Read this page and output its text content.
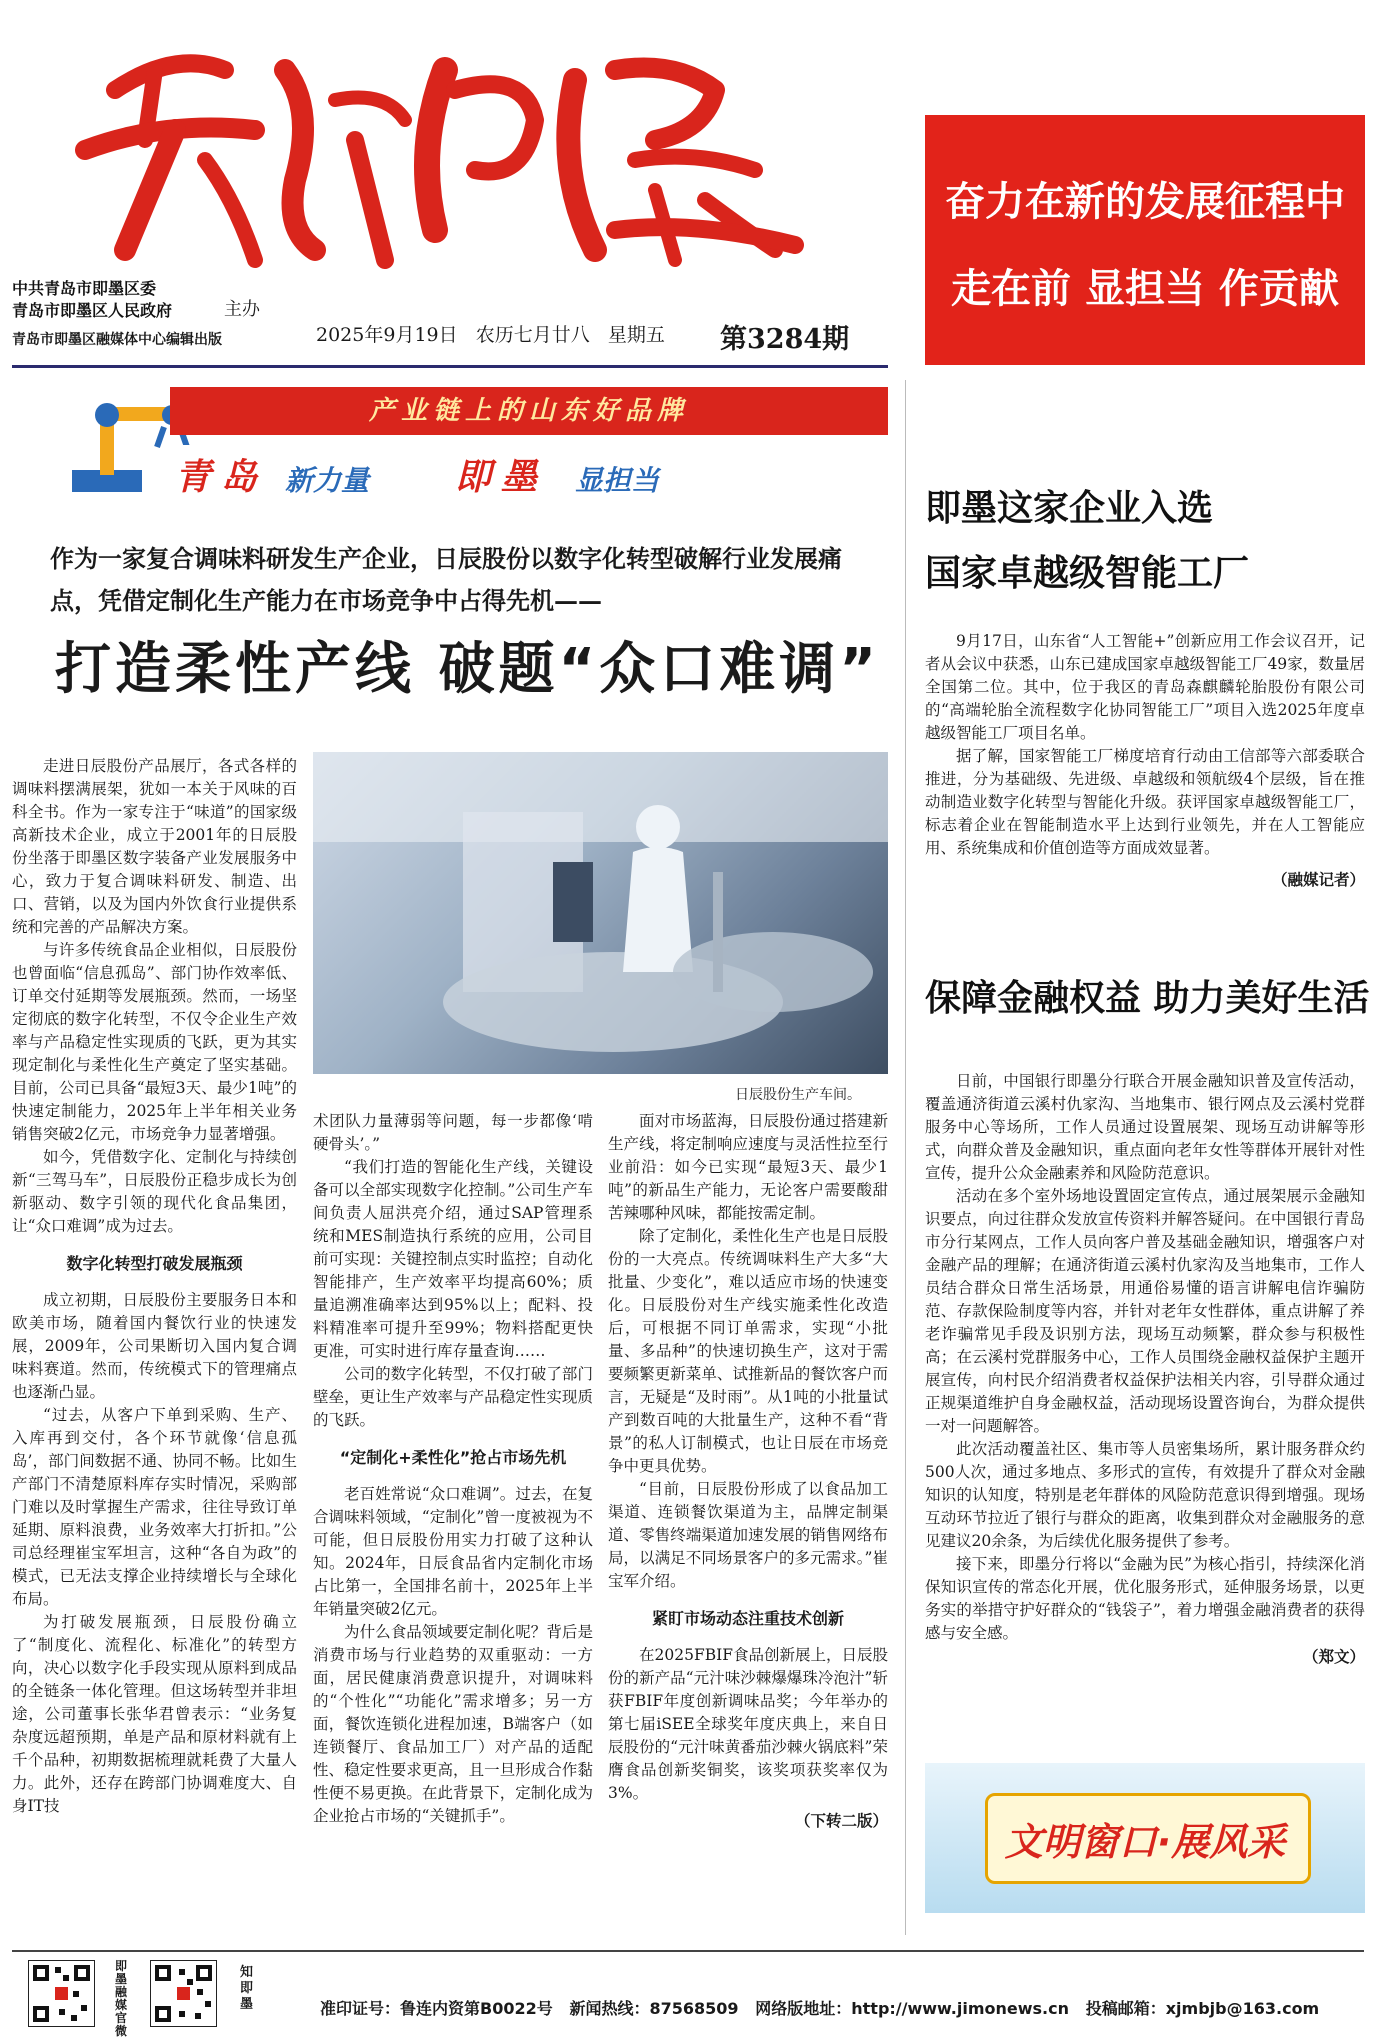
中共青岛市即墨区委
青岛市即墨区人民政府	主办
青岛市即墨区融媒体中心编辑出版	2025年9月19日 农历七月廿八 星期五 第3284期
奋力在新的发展征程中
走在前 显担当 作贡献
产业链上的山东好品牌
青岛 新力量 即墨 显担当
作为一家复合调味料研发生产企业，日辰股份以数字化转型破解行业发展痛点，凭借定制化生产能力在市场竞争中占得先机——
打造柔性产线 破题“众口难调”

走进日辰股份产品展厅，各式各样的调味料摆满展架，犹如一本关于风味的百科全书。作为一家专注于“味道”的国家级高新技术企业，成立于2001年的日辰股份坐落于即墨区数字装备产业发展服务中心，致力于复合调味料研发、制造、出口、营销，以及为国内外饮食行业提供系统和完善的产品解决方案。

与许多传统食品企业相似，日辰股份也曾面临“信息孤岛”、部门协作效率低、订单交付延期等发展瓶颈。然而，一场坚定彻底的数字化转型，不仅令企业生产效率与产品稳定性实现质的飞跃，更为其实现定制化与柔性化生产奠定了坚实基础。目前，公司已具备“最短3天、最少1吨”的快速定制能力，2025年上半年相关业务销售突破2亿元，市场竞争力显著增强。

如今，凭借数字化、定制化与持续创新“三驾马车”，日辰股份正稳步成长为创新驱动、数字引领的现代化食品集团，让“众口难调”成为过去。

数字化转型打破发展瓶颈

成立初期，日辰股份主要服务日本和欧美市场，随着国内餐饮行业的快速发展，2009年，公司果断切入国内复合调味料赛道。然而，传统模式下的管理痛点也逐渐凸显。

“过去，从客户下单到采购、生产、入库再到交付，各个环节就像‘信息孤岛’，部门间数据不通、协同不畅。比如生产部门不清楚原料库存实时情况，采购部门难以及时掌握生产需求，往往导致订单延期、原料浪费，业务效率大打折扣。”公司总经理崔宝军坦言，这种“各自为政”的模式，已无法支撑企业持续增长与全球化布局。

为打破发展瓶颈，日辰股份确立了“制度化、流程化、标准化”的转型方向，决心以数字化手段实现从原料到成品的全链条一体化管理。但这场转型并非坦途，公司董事长张华君曾表示：“业务复杂度远超预期，单是产品和原材料就有上千个品种，初期数据梳理就耗费了大量人力。此外，还存在跨部门协调难度大、自身IT技

日辰股份生产车间。

术团队力量薄弱等问题，每一步都像‘啃硬骨头’。”

“我们打造的智能化生产线，关键设备可以全部实现数字化控制。”公司生产车间负责人屈洪亮介绍，通过SAP管理系统和MES制造执行系统的应用，公司目前可实现：关键控制点实时监控；自动化智能排产，生产效率平均提高60%；质量追溯准确率达到95%以上；配料、投料精准率可提升至99%；物料搭配更快更准，可实时进行库存量查询……

公司的数字化转型，不仅打破了部门壁垒，更让生产效率与产品稳定性实现质的飞跃。

“定制化+柔性化”抢占市场先机

老百姓常说“众口难调”。过去，在复合调味料领域，“定制化”曾一度被视为不可能，但日辰股份用实力打破了这种认知。2024年，日辰食品省内定制化市场占比第一，全国排名前十，2025年上半年销量突破2亿元。

为什么食品领域要定制化呢？背后是消费市场与行业趋势的双重驱动：一方面，居民健康消费意识提升，对调味料的“个性化”“功能化”需求增多；另一方面，餐饮连锁化进程加速，B端客户（如连锁餐厅、食品加工厂）对产品的适配性、稳定性要求更高，且一旦形成合作黏性便不易更换。在此背景下，定制化成为企业抢占市场的“关键抓手”。

面对市场蓝海，日辰股份通过搭建新生产线，将定制响应速度与灵活性拉至行业前沿：如今已实现“最短3天、最少1吨”的新品生产能力，无论客户需要酸甜苦辣哪种风味，都能按需定制。

除了定制化，柔性化生产也是日辰股份的一大亮点。传统调味料生产大多“大批量、少变化”，难以适应市场的快速变化。日辰股份对生产线实施柔性化改造后，可根据不同订单需求，实现“小批量、多品种”的快速切换生产，这对于需要频繁更新菜单、试推新品的餐饮客户而言，无疑是“及时雨”。从1吨的小批量试产到数百吨的大批量生产，这种不看“背景”的私人订制模式，也让日辰在市场竞争中更具优势。

“目前，日辰股份形成了以食品加工渠道、连锁餐饮渠道为主，品牌定制渠道、零售终端渠道加速发展的销售网络布局，以满足不同场景客户的多元需求。”崔宝军介绍。

紧盯市场动态注重技术创新

在2025FBIF食品创新展上，日辰股份的新产品“元汁味沙棘爆爆珠冷泡汁”斩获FBIF年度创新调味品奖；今年举办的第七届iSEE全球奖年度庆典上，来自日辰股份的“元汁味黄番茄沙棘火锅底料”荣膺食品创新奖铜奖，该奖项获奖率仅为3%。

（下转二版）
即墨这家企业入选
国家卓越级智能工厂

9月17日，山东省“人工智能+”创新应用工作会议召开，记者从会议中获悉，山东已建成国家卓越级智能工厂49家，数量居全国第二位。其中，位于我区的青岛森麒麟轮胎股份有限公司的“高端轮胎全流程数字化协同智能工厂”项目入选2025年度卓越级智能工厂项目名单。

据了解，国家智能工厂梯度培育行动由工信部等六部委联合推进，分为基础级、先进级、卓越级和领航级4个层级，旨在推动制造业数字化转型与智能化升级。获评国家卓越级智能工厂，标志着企业在智能制造水平上达到行业领先，并在人工智能应用、系统集成和价值创造等方面成效显著。

（融媒记者）
保障金融权益 助力美好生活

日前，中国银行即墨分行联合开展金融知识普及宣传活动，覆盖通济街道云溪村仇家沟、当地集市、银行网点及云溪村党群服务中心等场所，工作人员通过设置展架、现场互动讲解等形式，向群众普及金融知识，重点面向老年女性等群体开展针对性宣传，提升公众金融素养和风险防范意识。

活动在多个室外场地设置固定宣传点，通过展架展示金融知识要点，向过往群众发放宣传资料并解答疑问。在中国银行青岛市分行某网点，工作人员向客户普及基础金融知识，增强客户对金融产品的理解；在通济街道云溪村仇家沟及当地集市，工作人员结合群众日常生活场景，用通俗易懂的语言讲解电信诈骗防范、存款保险制度等内容，并针对老年女性群体，重点讲解了养老诈骗常见手段及识别方法，现场互动频繁，群众参与积极性高；在云溪村党群服务中心，工作人员围绕金融权益保护主题开展宣传，向村民介绍消费者权益保护法相关内容，引导群众通过正规渠道维护自身金融权益，活动现场设置咨询台，为群众提供一对一问题解答。

此次活动覆盖社区、集市等人员密集场所，累计服务群众约500人次，通过多地点、多形式的宣传，有效提升了群众对金融知识的认知度，特别是老年群体的风险防范意识得到增强。现场互动环节拉近了银行与群众的距离，收集到群众对金融服务的意见建议20余条，为后续优化服务提供了参考。

接下来，即墨分行将以“金融为民”为核心指引，持续深化消保知识宣传的常态化开展，优化服务形式，延伸服务场景，以更务实的举措守护好群众的“钱袋子”，着力增强金融消费者的获得感与安全感。

（郑文）
文明窗口·展风采
即墨融媒官微
知即墨	准印证号：鲁连内资第B0022号 新闻热线：87568509 网络版地址：http://www.jimonews.cn 投稿邮箱：xjmbjb@163.com
